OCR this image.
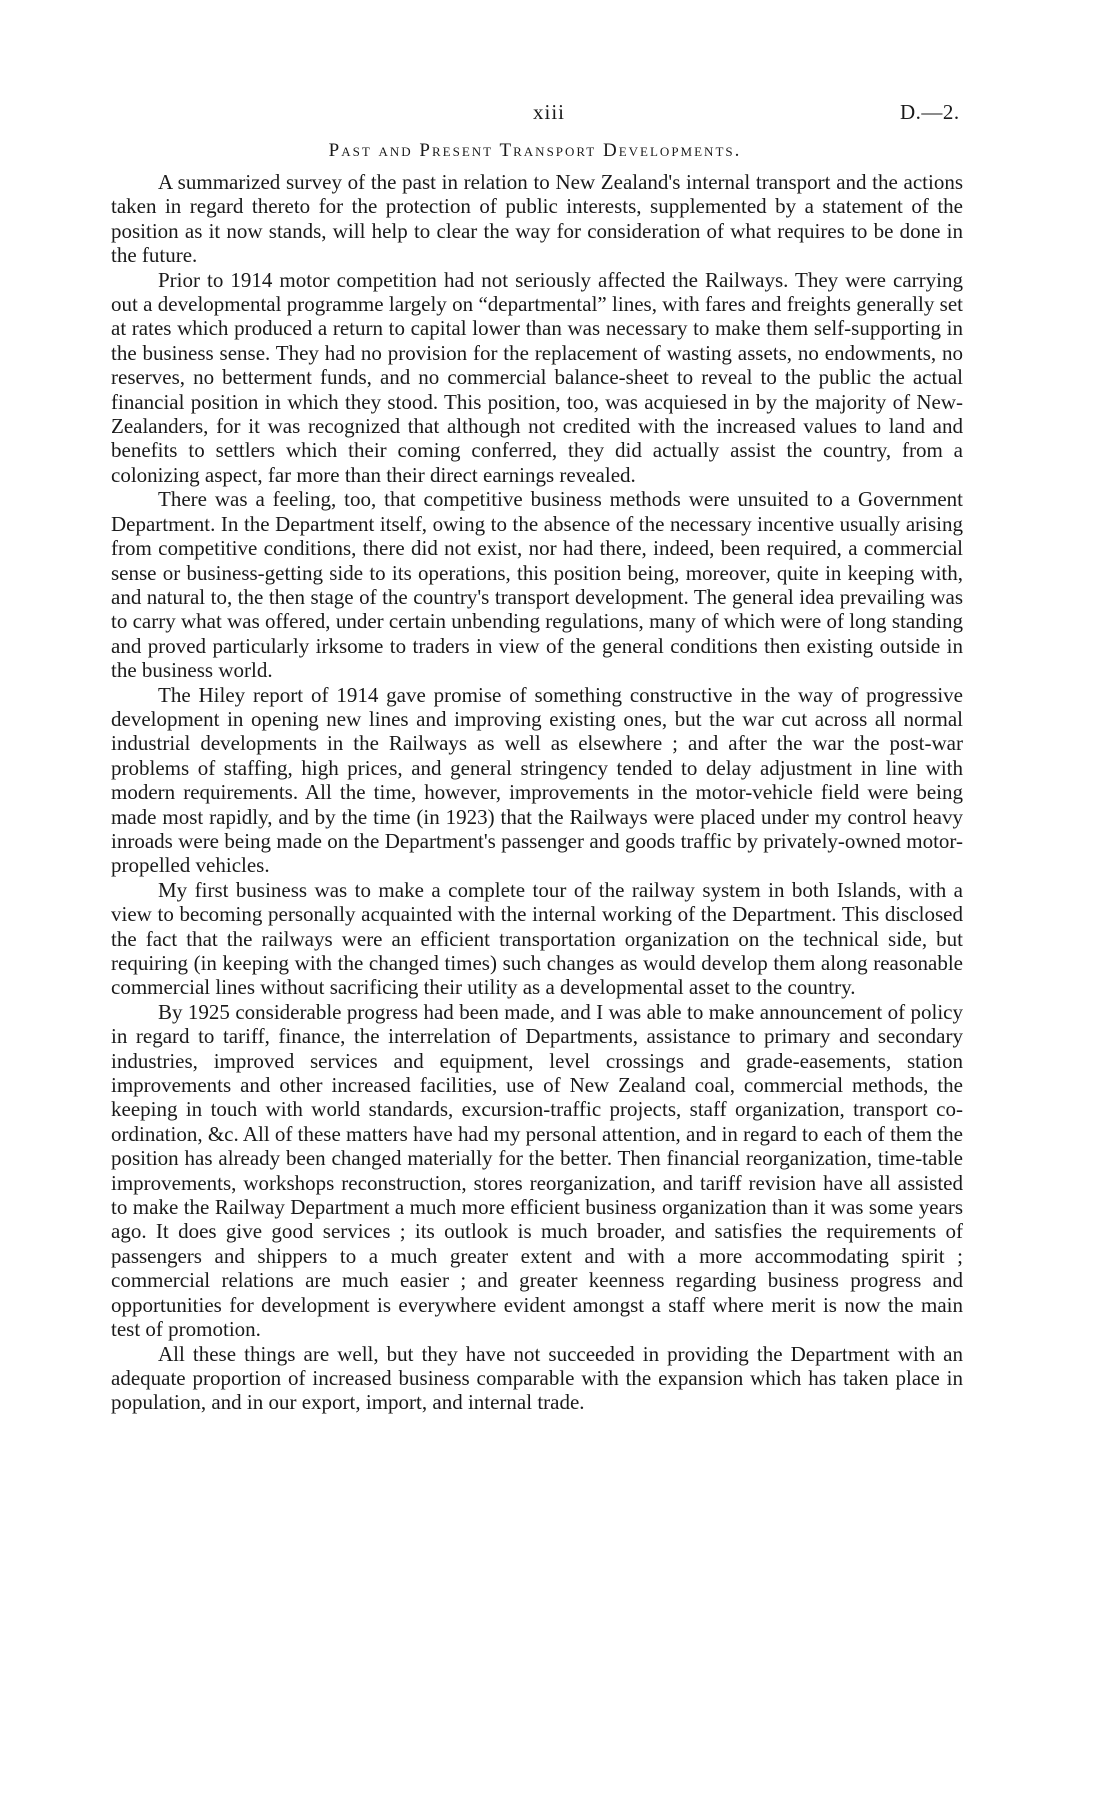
xiii	D.—2.
Past and Present Transport Developments.

A summarized survey of the past in relation to New Zealand's internal transport and the actions taken in regard thereto for the protection of public interests, supplemented by a statement of the position as it now stands, will help to clear the way for consideration of what requires to be done in the future.

Prior to 1914 motor competition had not seriously affected the Railways. They were carrying out a developmental programme largely on “departmental” lines, with fares and freights generally set at rates which produced a return to capital lower than was necessary to make them self-supporting in the business sense. They had no provision for the replacement of wasting assets, no endowments, no reserves, no betterment funds, and no commercial balance-sheet to reveal to the public the actual financial position in which they stood. This position, too, was acquiesed in by the majority of New-Zealanders, for it was recognized that although not credited with the increased values to land and benefits to settlers which their coming conferred, they did actually assist the country, from a colonizing aspect, far more than their direct earnings revealed.

There was a feeling, too, that competitive business methods were unsuited to a Government Department. In the Department itself, owing to the absence of the necessary incentive usually arising from competitive conditions, there did not exist, nor had there, indeed, been required, a commercial sense or business-getting side to its operations, this position being, moreover, quite in keeping with, and natural to, the then stage of the country's transport development. The general idea prevailing was to carry what was offered, under certain unbending regulations, many of which were of long standing and proved particularly irksome to traders in view of the general conditions then existing outside in the business world.

The Hiley report of 1914 gave promise of something constructive in the way of progressive development in opening new lines and improving existing ones, but the war cut across all normal industrial developments in the Railways as well as elsewhere ; and after the war the post-war problems of staffing, high prices, and general stringency tended to delay adjustment in line with modern requirements. All the time, however, improvements in the motor-vehicle field were being made most rapidly, and by the time (in 1923) that the Railways were placed under my control heavy inroads were being made on the Department's passenger and goods traffic by privately-owned motor-propelled vehicles.

My first business was to make a complete tour of the railway system in both Islands, with a view to becoming personally acquainted with the internal working of the Department. This disclosed the fact that the railways were an efficient transportation organization on the technical side, but requiring (in keeping with the changed times) such changes as would develop them along reasonable commercial lines without sacrificing their utility as a developmental asset to the country.

By 1925 considerable progress had been made, and I was able to make announcement of policy in regard to tariff, finance, the interrelation of Departments, assistance to primary and secondary industries, improved services and equipment, level crossings and grade-easements, station improvements and other increased facilities, use of New Zealand coal, commercial methods, the keeping in touch with world standards, excursion-traffic projects, staff organization, transport co-ordination, &c. All of these matters have had my personal attention, and in regard to each of them the position has already been changed materially for the better. Then financial reorganization, time-table improvements, workshops reconstruction, stores reorganization, and tariff revision have all assisted to make the Railway Department a much more efficient business organization than it was some years ago. It does give good services ; its outlook is much broader, and satisfies the requirements of passengers and shippers to a much greater extent and with a more accommodating spirit ; commercial relations are much easier ; and greater keenness regarding business progress and opportunities for development is everywhere evident amongst a staff where merit is now the main test of promotion.

All these things are well, but they have not succeeded in providing the Department with an adequate proportion of increased business comparable with the expansion which has taken place in population, and in our export, import, and internal trade.
